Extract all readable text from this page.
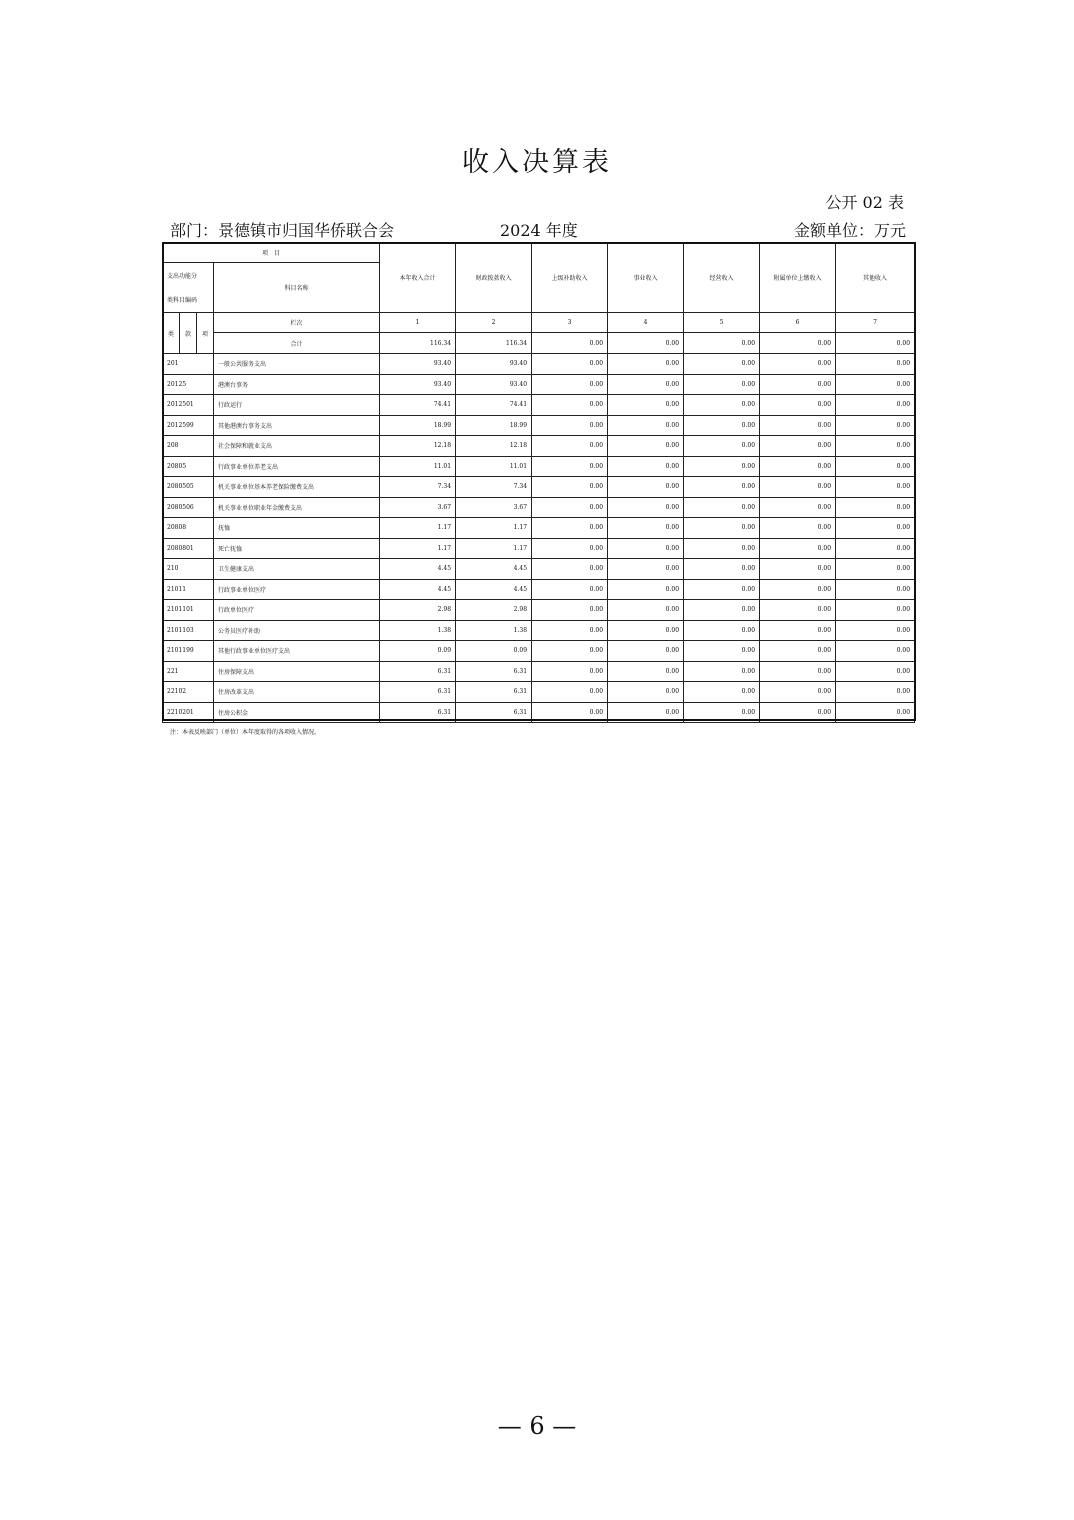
收入决算表
公开 02 表
部门：景德镇市归国华侨联合会	2024 年度	金额单位：万元
项　目				本年收入合计	财政拨款收入	上级补助收入	事业收入	经营收入	附属单位上缴收入	其他收入
支出功能分			科目名称							
类科目编码										
类	款	项	栏次	1	2	3	4	5	6	7
			合计	116.34	116.34	0.00	0.00	0.00	0.00	0.00
201			一般公共服务支出	93.40	93.40	0.00	0.00	0.00	0.00	0.00
20125			港澳台事务	93.40	93.40	0.00	0.00	0.00	0.00	0.00
2012501			行政运行	74.41	74.41	0.00	0.00	0.00	0.00	0.00
2012599			其他港澳台事务支出	18.99	18.99	0.00	0.00	0.00	0.00	0.00
208			社会保障和就业支出	12.18	12.18	0.00	0.00	0.00	0.00	0.00
20805			行政事业单位养老支出	11.01	11.01	0.00	0.00	0.00	0.00	0.00
2080505			机关事业单位基本养老保险缴费支出	7.34	7.34	0.00	0.00	0.00	0.00	0.00
2080506			机关事业单位职业年金缴费支出	3.67	3.67	0.00	0.00	0.00	0.00	0.00
20808			抚恤	1.17	1.17	0.00	0.00	0.00	0.00	0.00
2080801			死亡抚恤	1.17	1.17	0.00	0.00	0.00	0.00	0.00
210			卫生健康支出	4.45	4.45	0.00	0.00	0.00	0.00	0.00
21011			行政事业单位医疗	4.45	4.45	0.00	0.00	0.00	0.00	0.00
2101101			行政单位医疗	2.98	2.98	0.00	0.00	0.00	0.00	0.00
2101103			公务员医疗补助	1.38	1.38	0.00	0.00	0.00	0.00	0.00
2101199			其他行政事业单位医疗支出	0.09	0.09	0.00	0.00	0.00	0.00	0.00
221			住房保障支出	6.31	6.31	0.00	0.00	0.00	0.00	0.00
22102			住房改革支出	6.31	6.31	0.00	0.00	0.00	0.00	0.00
2210201			住房公积金	6.31	6.31	0.00	0.00	0.00	0.00	0.00
注：本表反映部门（单位）本年度取得的各项收入情况。
— 6 —
